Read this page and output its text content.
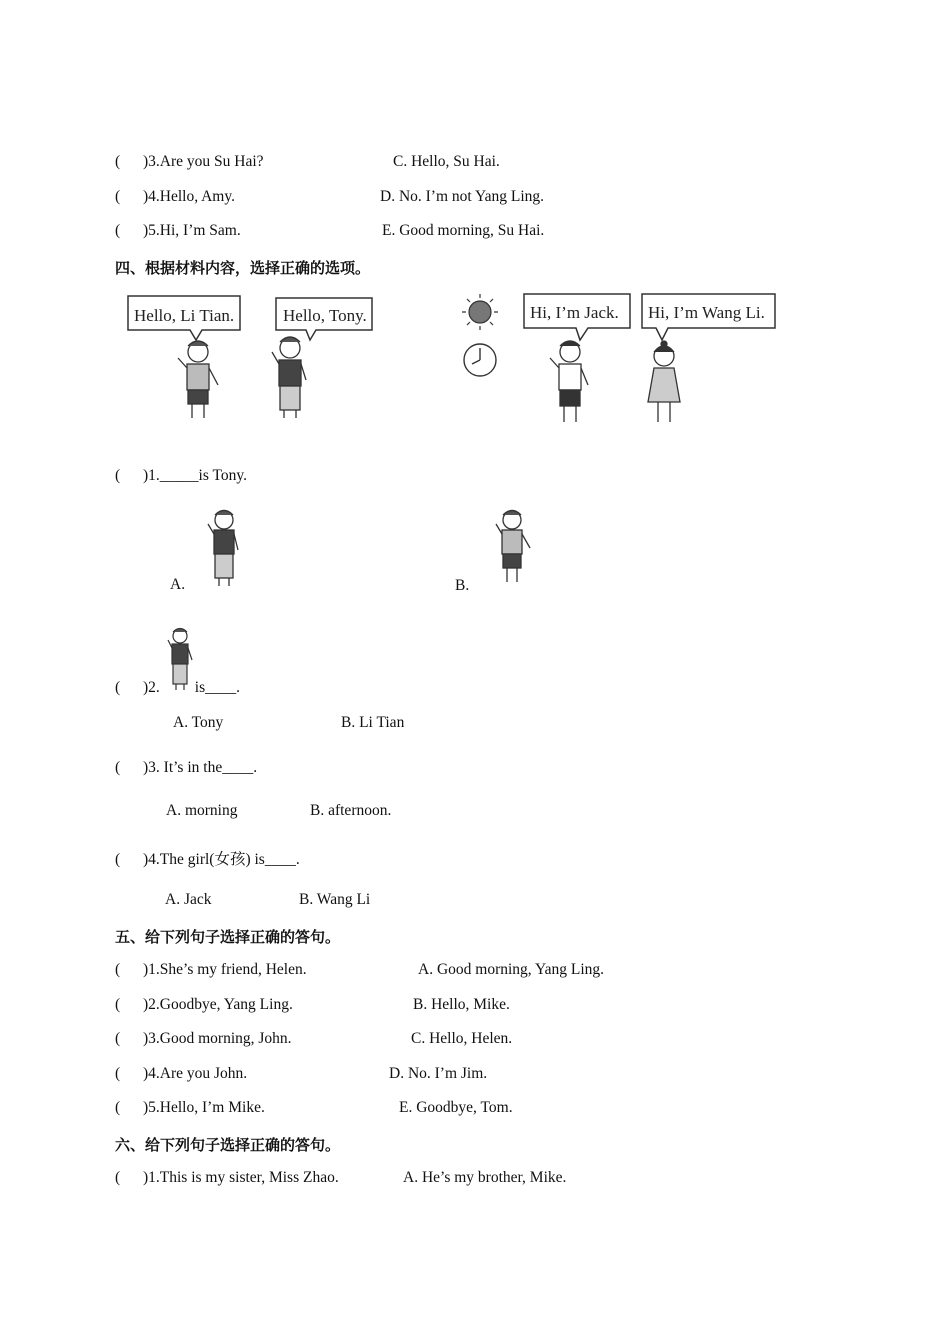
( )3.Are you Su Hai?	C. Hello, Su Hai.
( )4.Hello, Amy.	D. No. I’m not Yang Ling.
( )5.Hi, I’m Sam.	E. Good morning, Su Hai.
四、根据材料内容，选择正确的选项。
Hello, Li Tian.	Hello, Tony.	Hi, I’m Jack. Hi, I’m Wang Li.
( )1._____is Tony.
A.	B.
( )2. is____.
A. Tony	B. Li Tian
( )3. It’s in the____.
A. morning	B. afternoon.
( )4.The girl(女孩) is____.
A. Jack	B. Wang Li
五、给下列句子选择正确的答句。
( )1.She’s my friend, Helen.	A. Good morning, Yang Ling.
( )2.Goodbye, Yang Ling.	B. Hello, Mike.
( )3.Good morning, John.	C. Hello, Helen.
( )4.Are you John.	D. No. I’m Jim.
( )5.Hello, I’m Mike.	E. Goodbye, Tom.
六、给下列句子选择正确的答句。
( )1.This is my sister, Miss Zhao.	A. He’s my brother, Mike.
